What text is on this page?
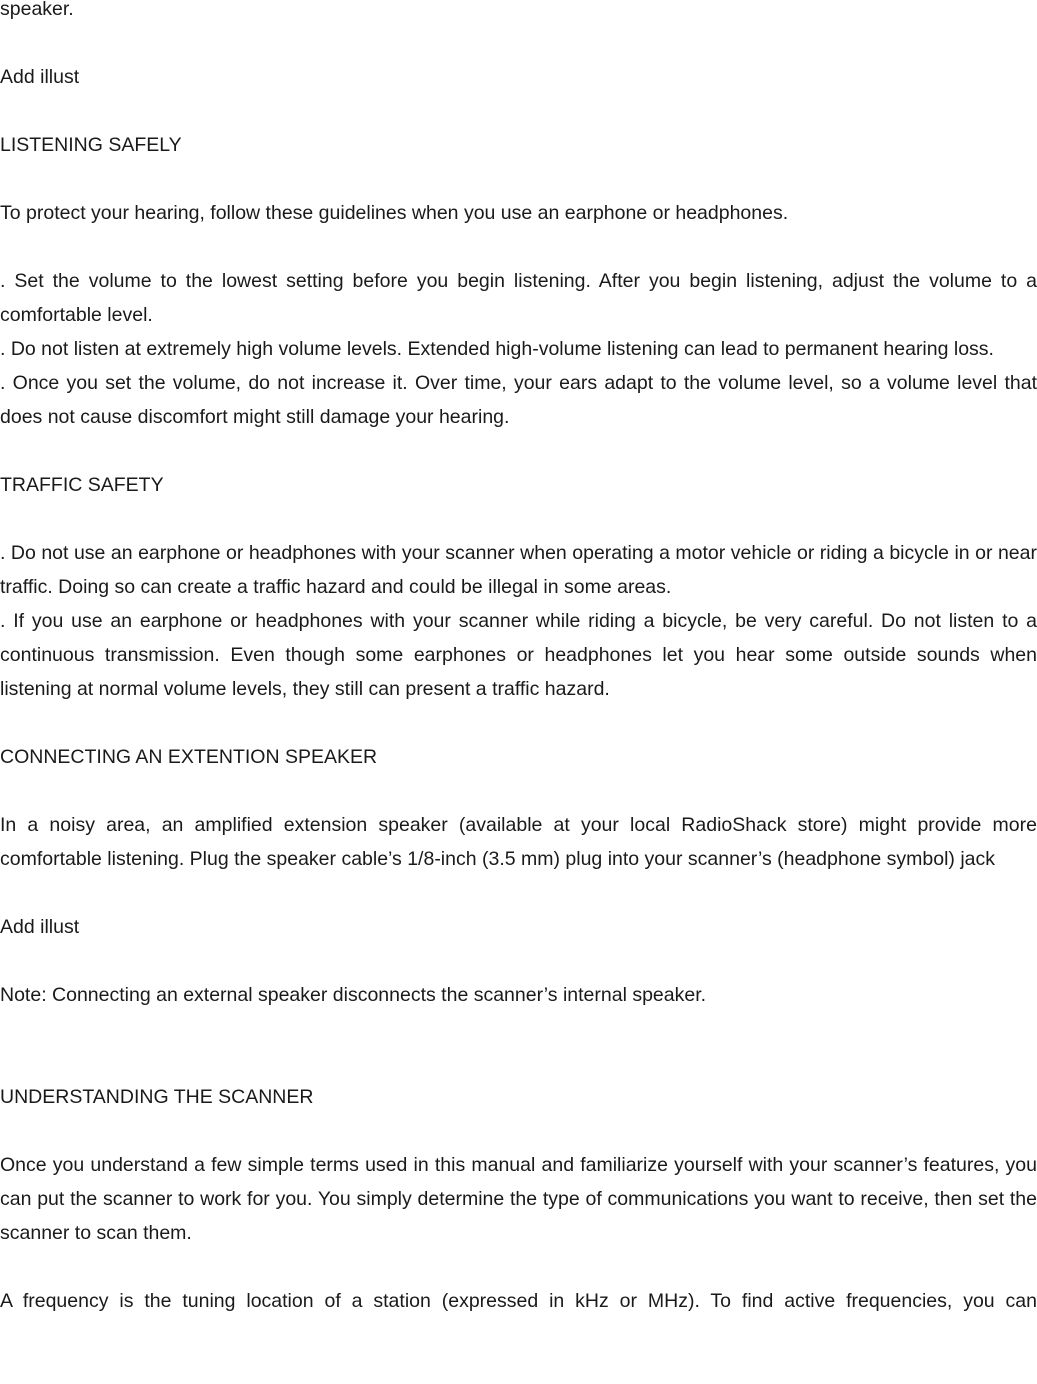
speaker.

Add illust

LISTENING SAFELY

To protect your hearing, follow these guidelines when you use an earphone or headphones.

. Set the volume to the lowest setting before you begin listening. After you begin listening, adjust the volume to a comfortable level.

. Do not listen at extremely high volume levels. Extended high-volume listening can lead to permanent hearing loss.

. Once you set the volume, do not increase it. Over time, your ears adapt to the volume level, so a volume level that does not cause discomfort might still damage your hearing.

TRAFFIC SAFETY

. Do not use an earphone or headphones with your scanner when operating a motor vehicle or riding a bicycle in or near traffic. Doing so can create a traffic hazard and could be illegal in some areas.

. If you use an earphone or headphones with your scanner while riding a bicycle, be very careful. Do not listen to a continuous transmission. Even though some earphones or headphones let you hear some outside sounds when listening at normal volume levels, they still can present a traffic hazard.

CONNECTING AN EXTENTION SPEAKER

In a noisy area, an amplified extension speaker (available at your local RadioShack store) might provide more comfortable listening. Plug the speaker cable’s 1/8-inch (3.5 mm) plug into your scanner’s (headphone symbol) jack

Add illust

Note: Connecting an external speaker disconnects the scanner’s internal speaker.

UNDERSTANDING THE SCANNER

Once you understand a few simple terms used in this manual and familiarize yourself with your scanner’s features, you can put the scanner to work for you. You simply determine the type of communications you want to receive, then set the scanner to scan them.

A frequency is the tuning location of a station (expressed in kHz or MHz). To find active frequencies, you can
